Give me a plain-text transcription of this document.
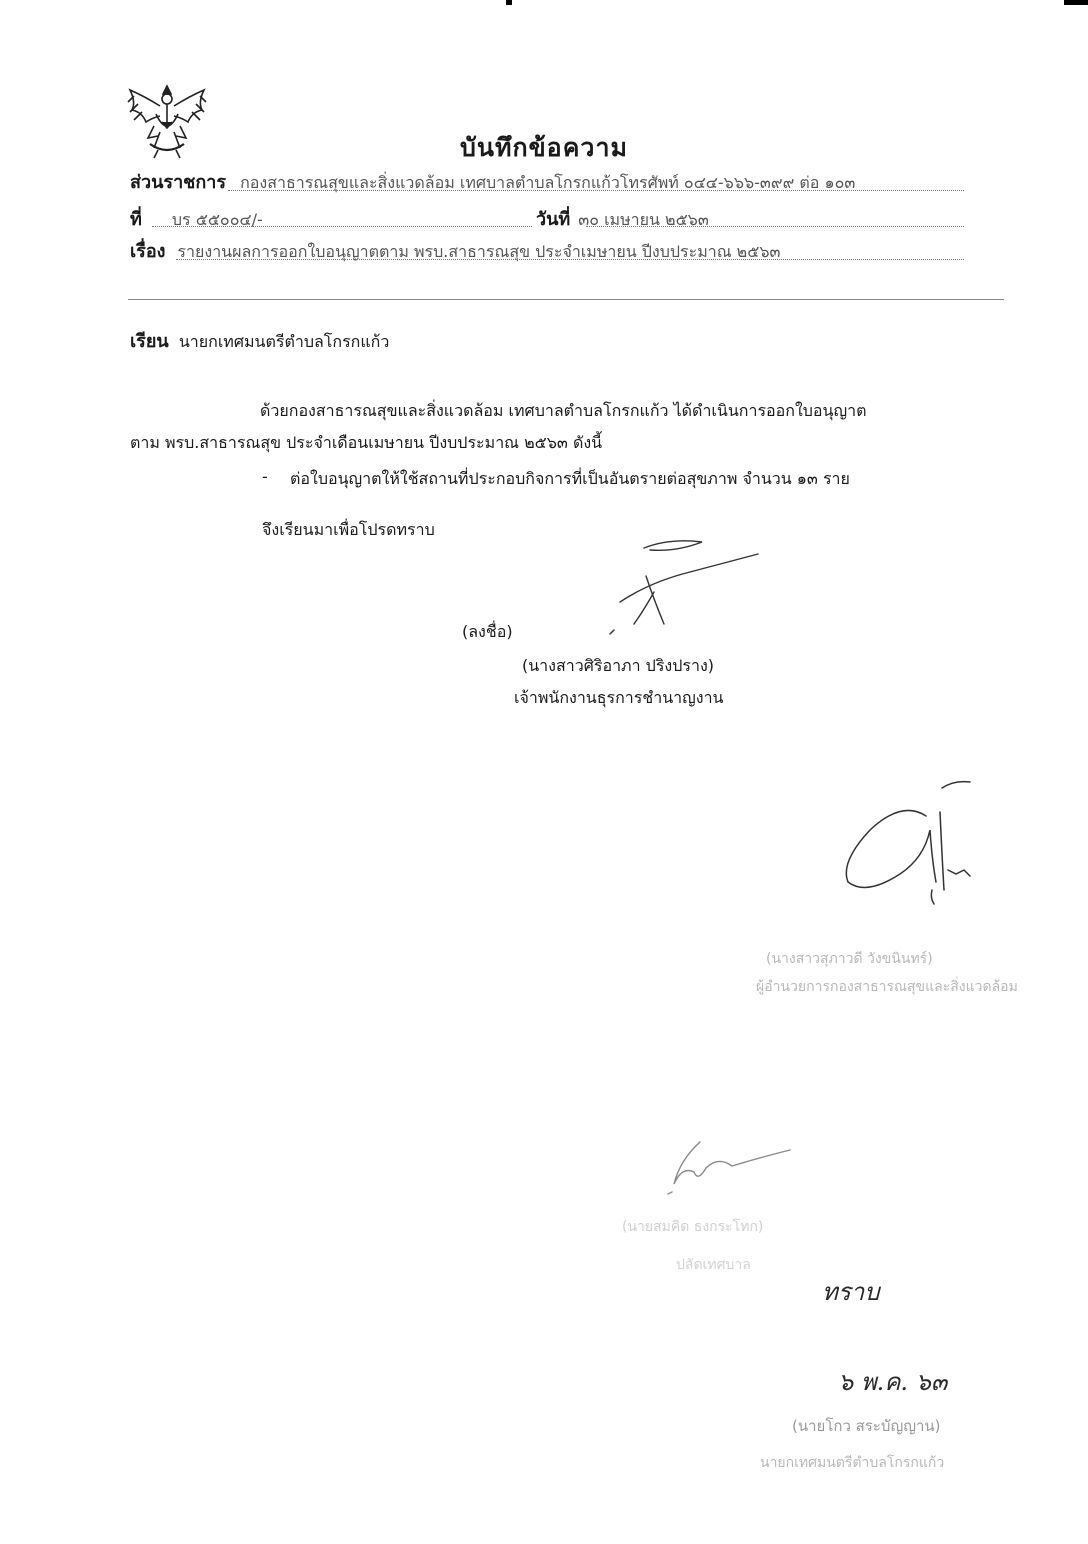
บันทึกข้อความ
ส่วนราชการ กองสาธารณสุขและสิ่งแวดล้อม เทศบาลตำบลโกรกแก้วโทรศัพท์ ๐๔๔-๖๖๖-๓๙๙ ต่อ ๑๐๓
ที่ บร ๕๕๐๐๔/-	วันที่ ๓๐ เมษายน ๒๕๖๓
เรื่อง รายงานผลการออกใบอนุญาตตาม พรบ.สาธารณสุข ประจำเมษายน ปีงบประมาณ ๒๕๖๓
เรียน นายกเทศมนตรีตำบลโกรกแก้ว
ด้วยกองสาธารณสุขและสิ่งแวดล้อม เทศบาลตำบลโกรกแก้ว ได้ดำเนินการออกใบอนุญาต
ตาม พรบ.สาธารณสุข ประจำเดือนเมษายน ปีงบประมาณ ๒๕๖๓ ดังนี้
- ต่อใบอนุญาตให้ใช้สถานที่ประกอบกิจการที่เป็นอันตรายต่อสุขภาพ จำนวน ๑๓ ราย
จึงเรียนมาเพื่อโปรดทราบ
(ลงชื่อ)
(นางสาวศิริอาภา ปริงปราง)
เจ้าพนักงานธุรการชำนาญงาน
(นางสาวสุภาวดี วังขนินทร์)
ผู้อำนวยการกองสาธารณสุขและสิ่งแวดล้อม
(นายสมคิด ธงกระโทก)
ปลัดเทศบาล
ทราบ
๖ พ.ค. ๖๓
(นายโกว สระบัญญาน)
นายกเทศมนตรีตำบลโกรกแก้ว
